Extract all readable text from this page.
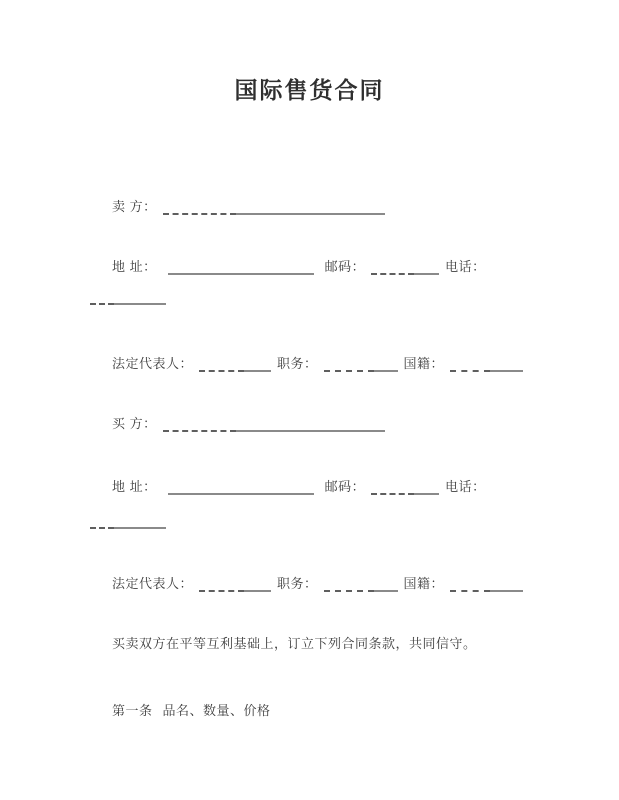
国际售货合同
卖 方：
地 址：	邮码：	电话：
法定代表人：	职务：	国籍：
买 方：
地 址：	邮码：	电话：
法定代表人：	职务：	国籍：
买卖双方在平等互利基础上，订立下列合同条款，共同信守。
第一条 品名、数量、价格
